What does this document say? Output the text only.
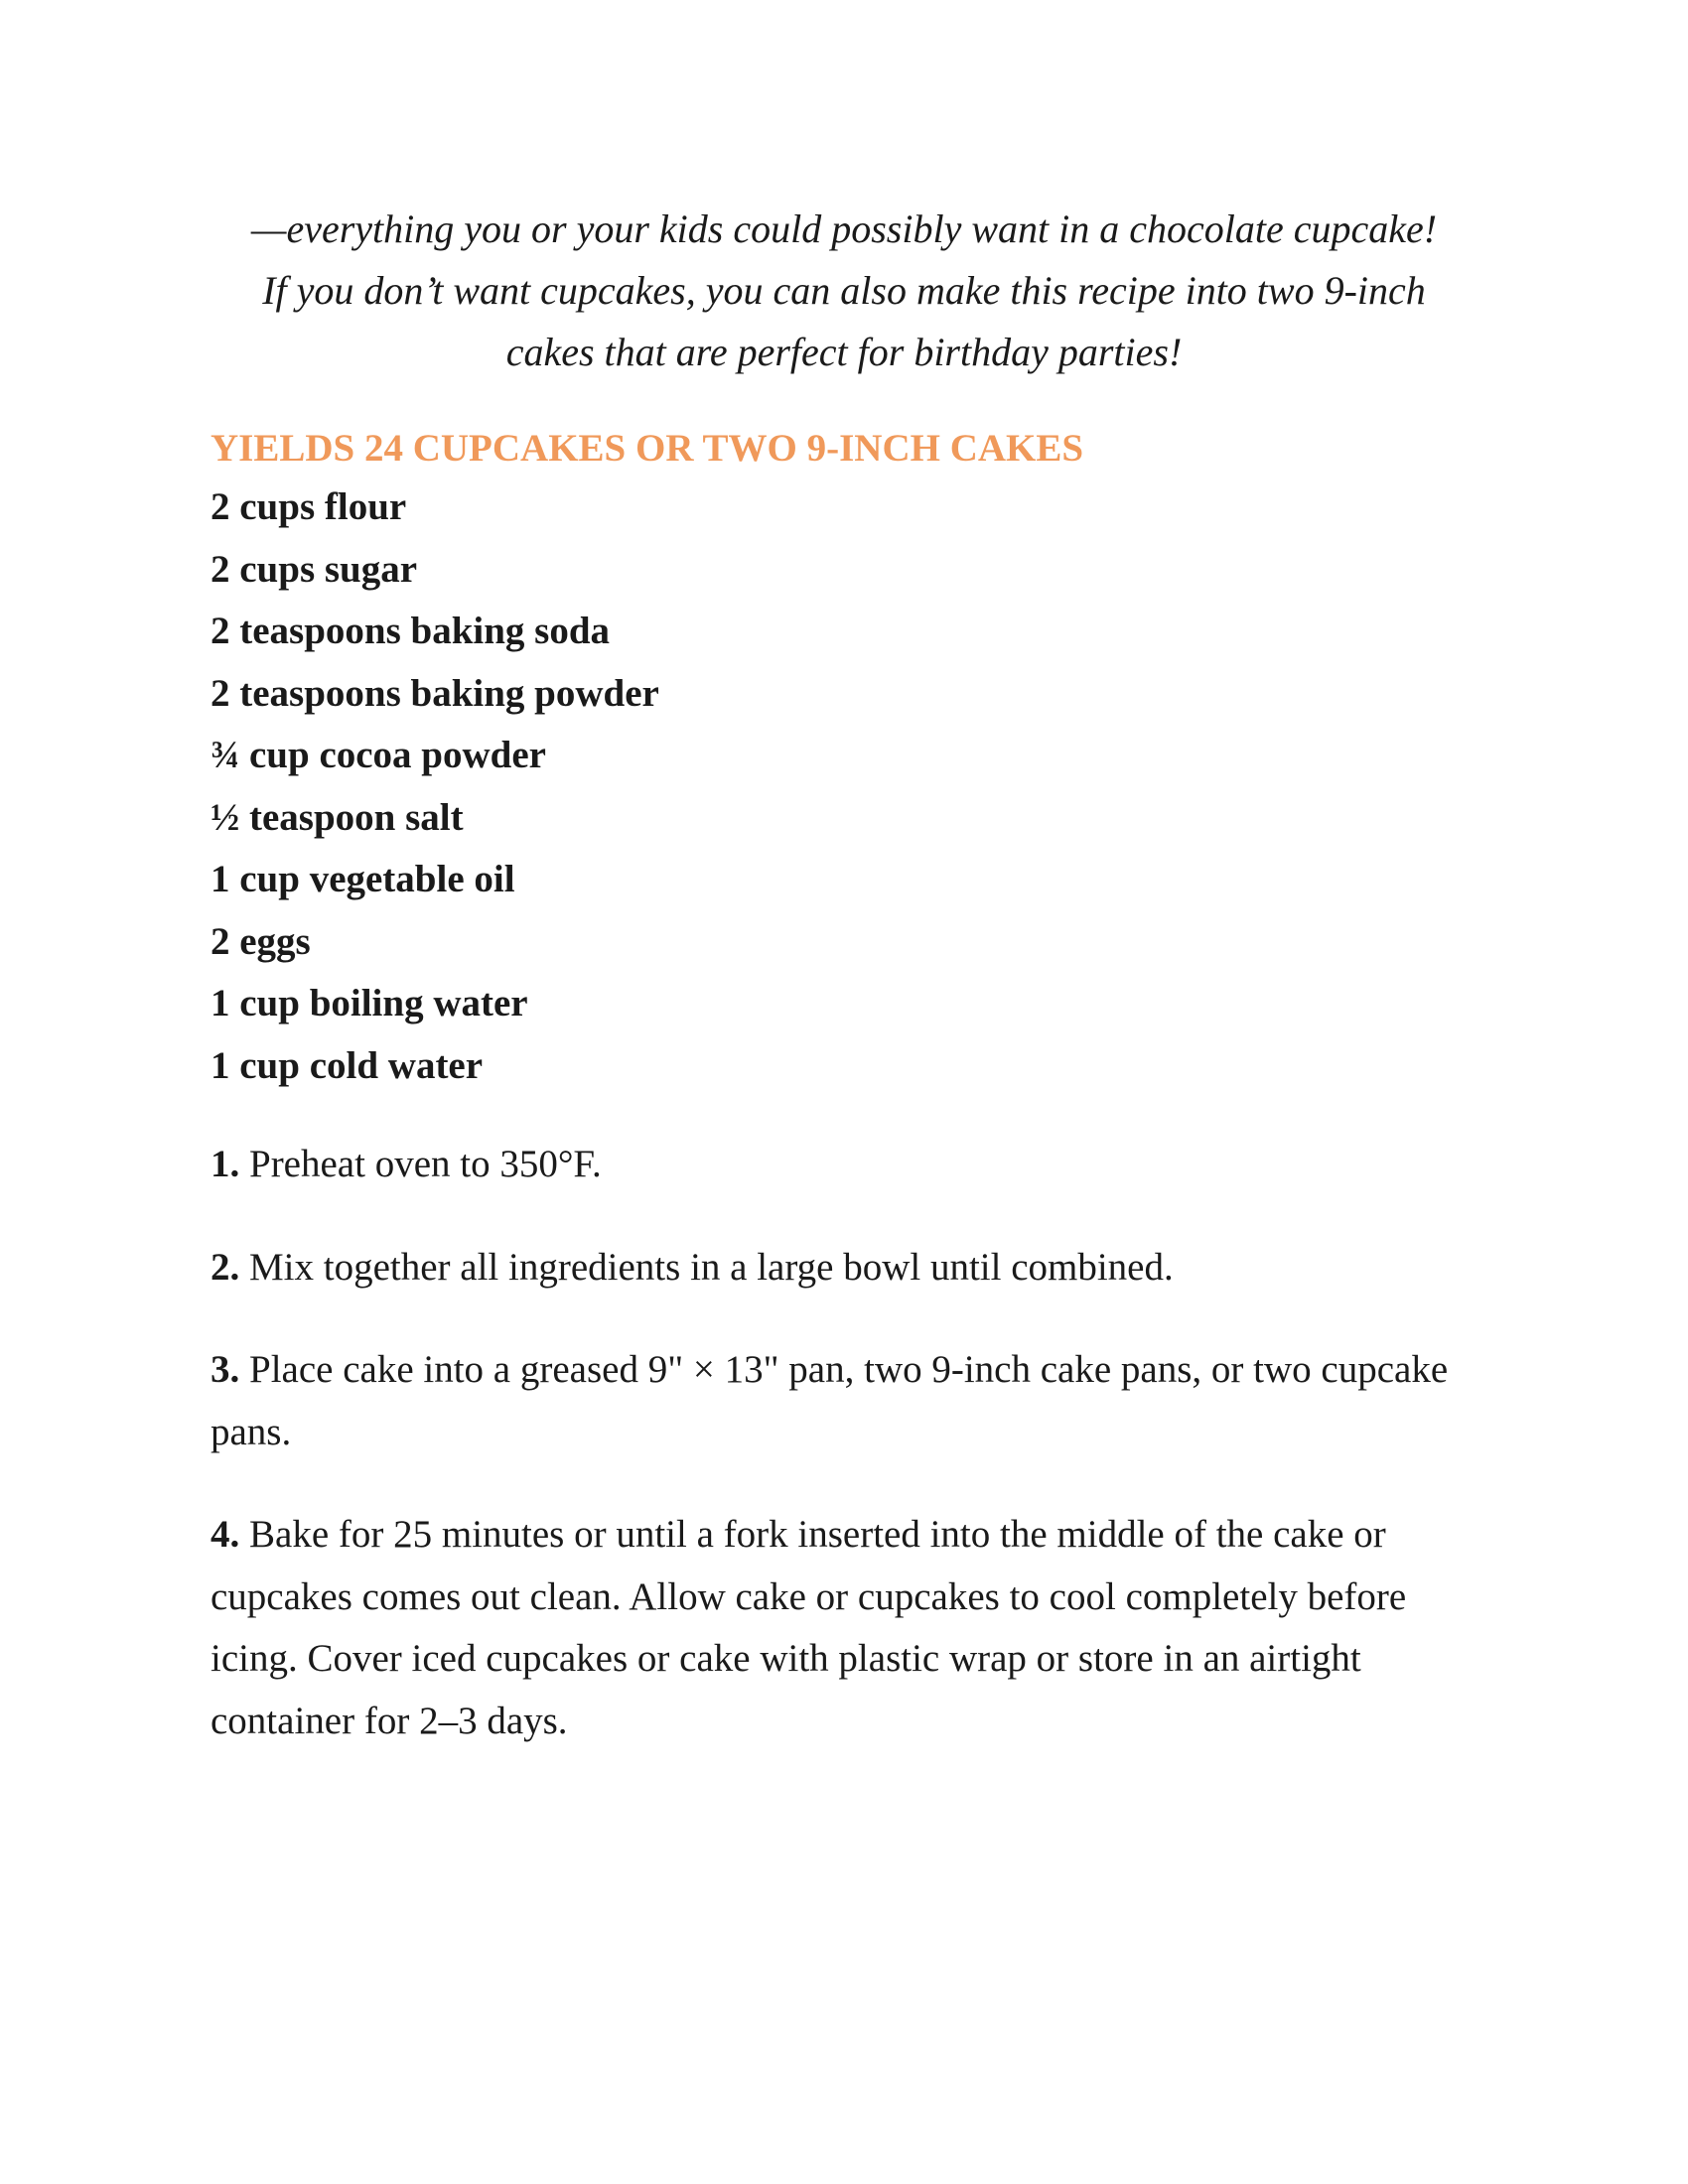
—everything you or your kids could possibly want in a chocolate cupcake!
If you don’t want cupcakes, you can also make this recipe into two 9-inch
cakes that are perfect for birthday parties!

YIELDS 24 CUPCAKES OR TWO 9-INCH CAKES
2 cups flour
2 cups sugar
2 teaspoons baking soda
2 teaspoons baking powder
¾ cup cocoa powder
½ teaspoon salt
1 cup vegetable oil
2 eggs
1 cup boiling water
1 cup cold water
1. Preheat oven to 350°F.
2. Mix together all ingredients in a large bowl until combined.
3. Place cake into a greased 9" × 13" pan, two 9-inch cake pans, or two cupcake pans.
4. Bake for 25 minutes or until a fork inserted into the middle of the cake or cupcakes comes out clean. Allow cake or cupcakes to cool completely before icing. Cover iced cupcakes or cake with plastic wrap or store in an airtight container for 2–3 days.
